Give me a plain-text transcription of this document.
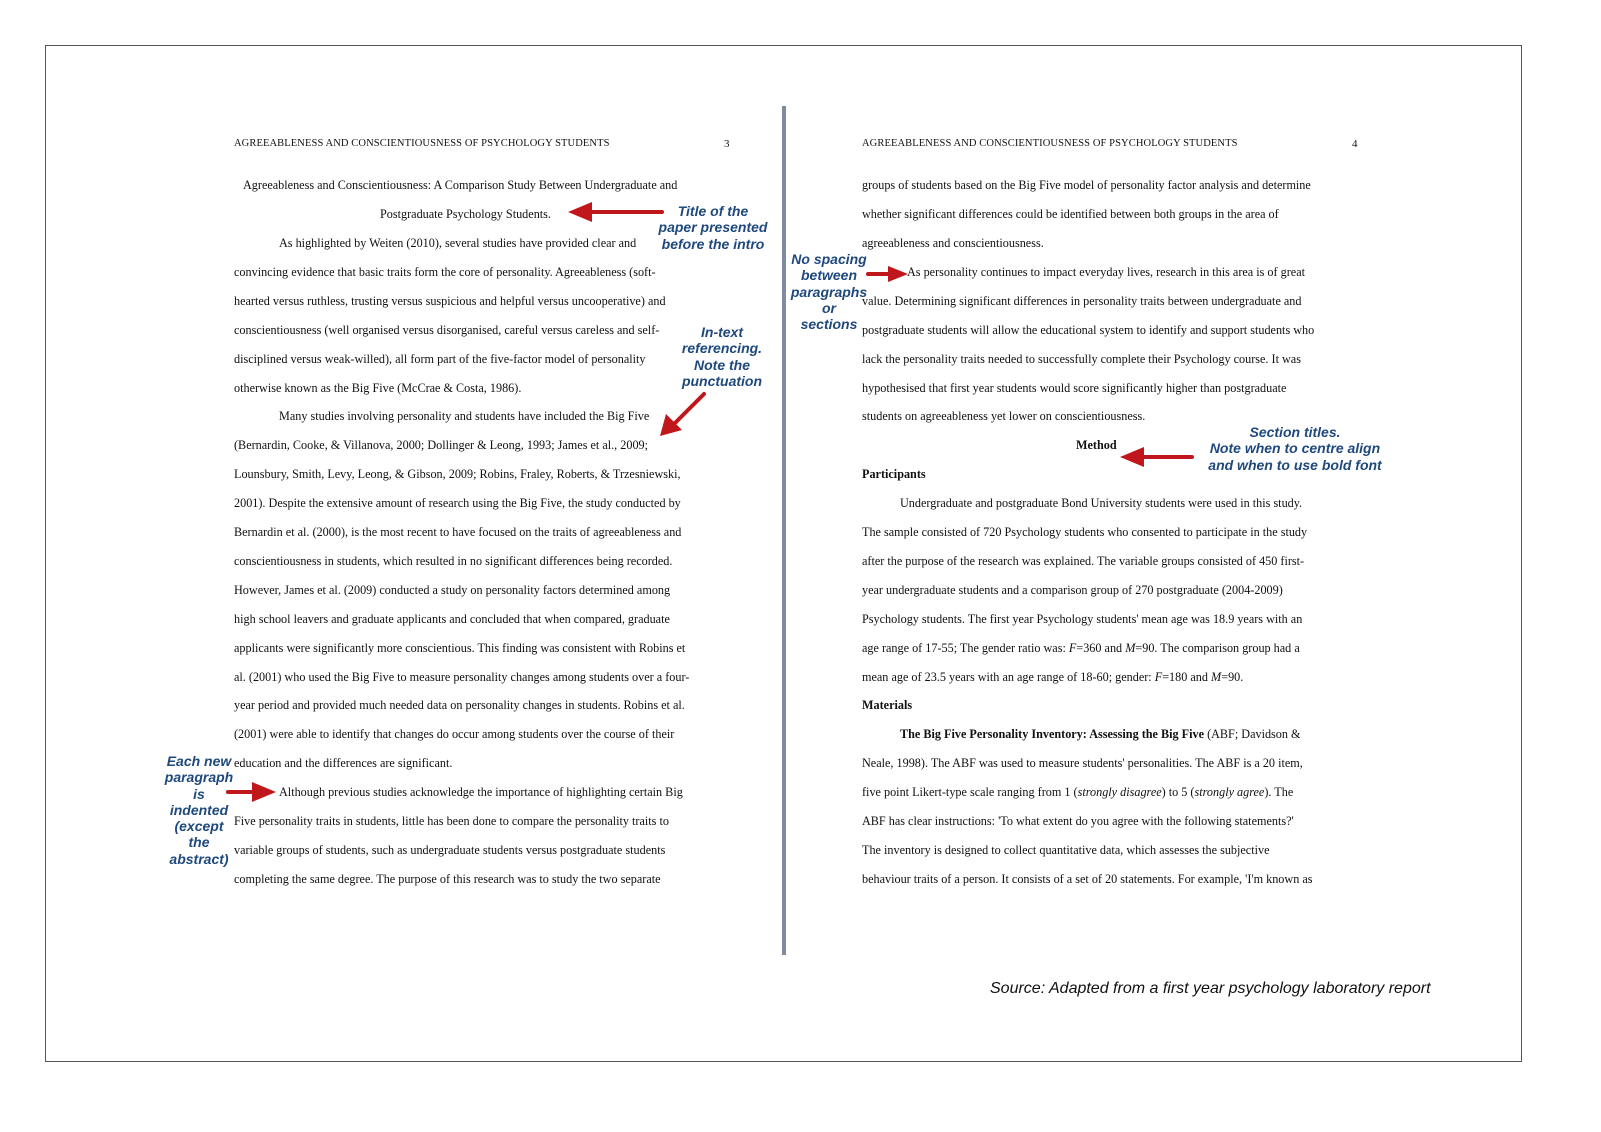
AGREEABLENESS AND CONSCIENTIOUSNESS OF PSYCHOLOGY STUDENTS	3
Agreeableness and Conscientiousness: A Comparison Study Between Undergraduate and
Postgraduate Psychology Students.
As highlighted by Weiten (2010), several studies have provided clear and
convincing evidence that basic traits form the core of personality. Agreeableness (soft-
hearted versus ruthless, trusting versus suspicious and helpful versus uncooperative) and
conscientiousness (well organised versus disorganised, careful versus careless and self-
disciplined versus weak-willed), all form part of the five-factor model of personality
otherwise known as the Big Five (McCrae & Costa, 1986).
Many studies involving personality and students have included the Big Five
(Bernardin, Cooke, & Villanova, 2000; Dollinger & Leong, 1993; James et al., 2009;
Lounsbury, Smith, Levy, Leong, & Gibson, 2009; Robins, Fraley, Roberts, & Trzesniewski,
2001). Despite the extensive amount of research using the Big Five, the study conducted by
Bernardin et al. (2000), is the most recent to have focused on the traits of agreeableness and
conscientiousness in students, which resulted in no significant differences being recorded.
However, James et al. (2009) conducted a study on personality factors determined among
high school leavers and graduate applicants and concluded that when compared, graduate
applicants were significantly more conscientious. This finding was consistent with Robins et
al. (2001) who used the Big Five to measure personality changes among students over a four-
year period and provided much needed data on personality changes in students. Robins et al.
(2001) were able to identify that changes do occur among students over the course of their
education and the differences are significant.
Although previous studies acknowledge the importance of highlighting certain Big
Five personality traits in students, little has been done to compare the personality traits to
variable groups of students, such as undergraduate students versus postgraduate students
completing the same degree. The purpose of this research was to study the two separate
AGREEABLENESS AND CONSCIENTIOUSNESS OF PSYCHOLOGY STUDENTS	4
groups of students based on the Big Five model of personality factor analysis and determine
whether significant differences could be identified between both groups in the area of
agreeableness and conscientiousness.
As personality continues to impact everyday lives, research in this area is of great
value. Determining significant differences in personality traits between undergraduate and
postgraduate students will allow the educational system to identify and support students who
lack the personality traits needed to successfully complete their Psychology course. It was
hypothesised that first year students would score significantly higher than postgraduate
students on agreeableness yet lower on conscientiousness.
Method
Participants
Undergraduate and postgraduate Bond University students were used in this study.
The sample consisted of 720 Psychology students who consented to participate in the study
after the purpose of the research was explained. The variable groups consisted of 450 first-
year undergraduate students and a comparison group of 270 postgraduate (2004-2009)
Psychology students. The first year Psychology students' mean age was 18.9 years with an
age range of 17-55; The gender ratio was: F=360 and M=90. The comparison group had a
mean age of 23.5 years with an age range of 18-60; gender: F=180 and M=90.
Materials
The Big Five Personality Inventory: Assessing the Big Five (ABF; Davidson &
Neale, 1998). The ABF was used to measure students' personalities. The ABF is a 20 item,
five point Likert-type scale ranging from 1 (strongly disagree) to 5 (strongly agree). The
ABF has clear instructions: 'To what extent do you agree with the following statements?'
The inventory is designed to collect quantitative data, which assesses the subjective
behaviour traits of a person. It consists of a set of 20 statements. For example, 'I'm known as
Title of the
paper presented
before the intro
In-text
referencing.
Note the
punctuation
No spacing
between
paragraphs
or
sections
Section titles.
Note when to centre align
and when to use bold font
Each new
paragraph
is
indented
(except
the
abstract)
Source: Adapted from a first year psychology laboratory report
